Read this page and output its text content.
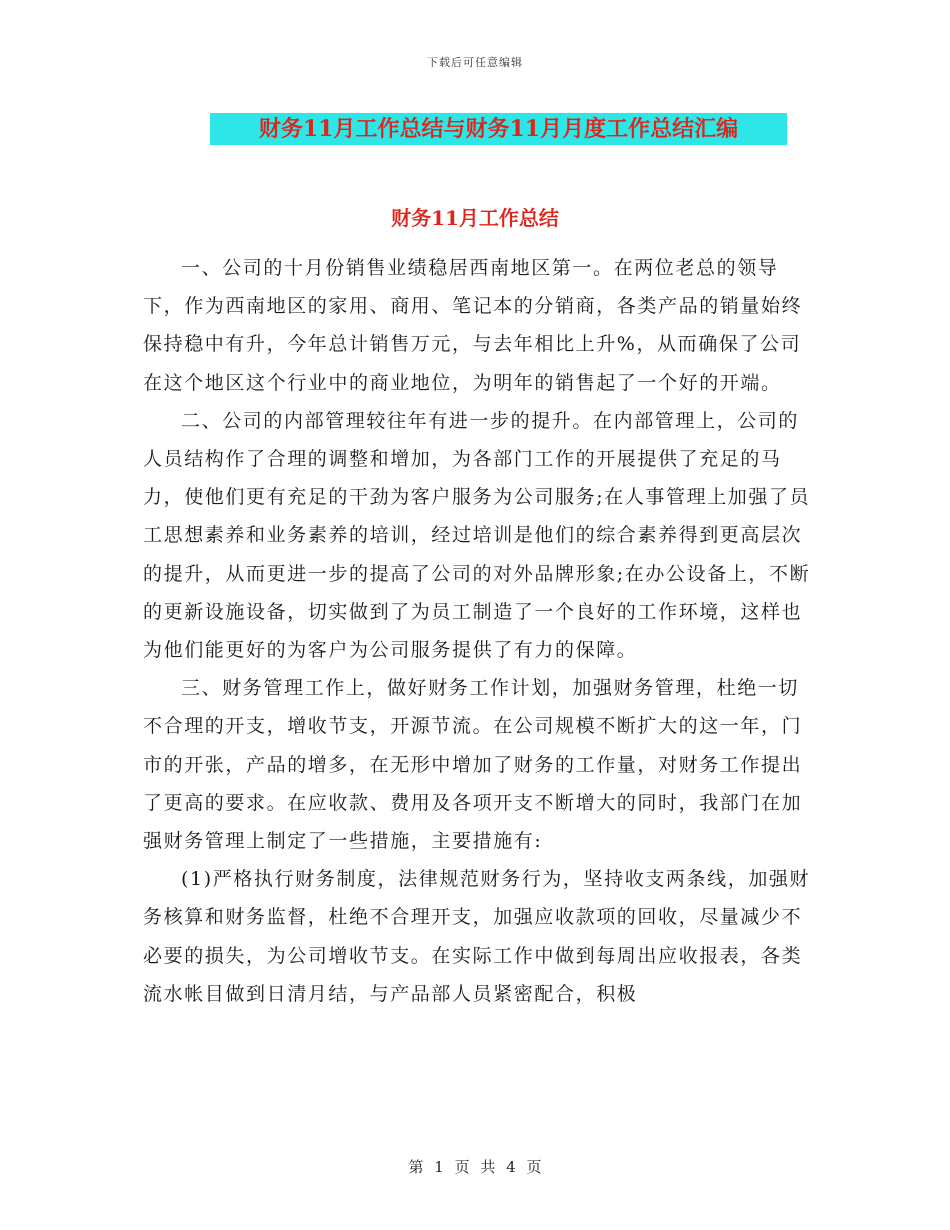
下载后可任意编辑
财务11月工作总结与财务11月月度工作总结汇编
财务11月工作总结

一、公司的十月份销售业绩稳居西南地区第一。在两位老总的领导下，作为西南地区的家用、商用、笔记本的分销商，各类产品的销量始终保持稳中有升，今年总计销售万元，与去年相比上升%，从而确保了公司在这个地区这个行业中的商业地位，为明年的销售起了一个好的开端。

二、公司的内部管理较往年有进一步的提升。在内部管理上，公司的人员结构作了合理的调整和增加，为各部门工作的开展提供了充足的马力，使他们更有充足的干劲为客户服务为公司服务;在人事管理上加强了员工思想素养和业务素养的培训，经过培训是他们的综合素养得到更高层次的提升，从而更进一步的提高了公司的对外品牌形象;在办公设备上，不断的更新设施设备，切实做到了为员工制造了一个良好的工作环境，这样也为他们能更好的为客户为公司服务提供了有力的保障。

三、财务管理工作上，做好财务工作计划，加强财务管理，杜绝一切不合理的开支，增收节支，开源节流。在公司规模不断扩大的这一年，门市的开张，产品的增多，在无形中增加了财务的工作量，对财务工作提出了更高的要求。在应收款、费用及各项开支不断增大的同时，我部门在加强财务管理上制定了一些措施，主要措施有:

(1)严格执行财务制度，法律规范财务行为，坚持收支两条线，加强财务核算和财务监督，杜绝不合理开支，加强应收款项的回收，尽量减少不必要的损失，为公司增收节支。在实际工作中做到每周出应收报表，各类流水帐目做到日清月结，与产品部人员紧密配合，积极

第 1 页 共 4 页
